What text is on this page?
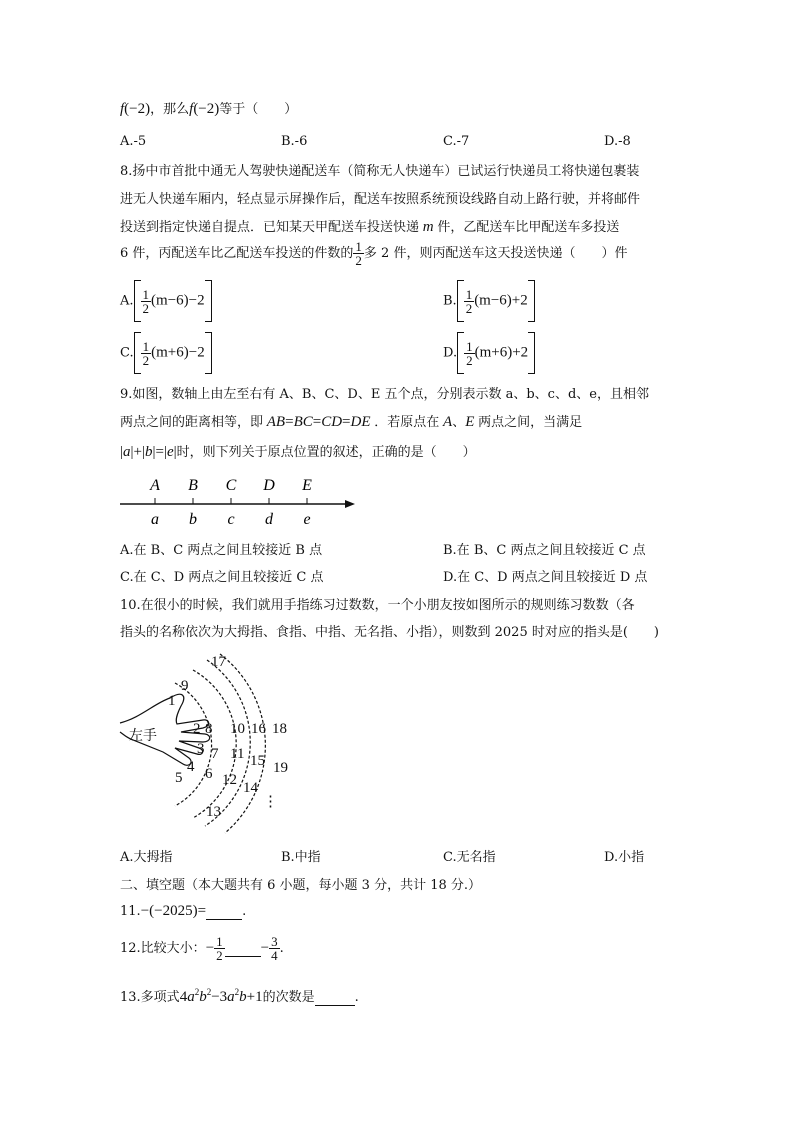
f(−2)，那么f(−2)等于（　　）
A.-5	B.-6	C.-7	D.-8
8.扬中市首批中通无人驾驶快递配送车（简称无人快递车）已试运行快递员工将快递包裹装
进无人快递车厢内，轻点显示屏操作后，配送车按照系统预设线路自动上路行驶，并将邮件
投送到指定快递自提点．已知某天甲配送车投送快递 m 件，乙配送车比甲配送车多投送
6 件，丙配送车比乙配送车投送的件数的 $\frac{1}{2}$ 多 2 件，则丙配送车这天投送快递（　　）件
A. $\frac{1}{2} (m-6)-2$	B. $\frac{1}{2} (m-6)+2$
C. $\frac{1}{2} (m+6)-2$	D. $\frac{1}{2} (m+6)+2$
9.如图，数轴上由左至右有 A、B、C、D、E 五个点，分别表示数 a、b、c、d、e，且相邻
两点之间的距离相等，即 AB=BC=CD=DE ．若原点在 A、E 两点之间，当满足
|a|+|b|=|e|时，则下列关于原点位置的叙述，正确的是（　　）
A B C D E
a b c d e
A.在 B、C 两点之间且较接近 B 点	B.在 B、C 两点之间且较接近 C 点
C.在 C、D 两点之间且较接近 C 点	D.在 C、D 两点之间且较接近 D 点
10.在很小的时候，我们就用手指练习过数数，一个小朋友按如图所示的规则练习数数（各
指头的名称依次为大拇指、食指、中指、无名指、小指），则数到 2025 时对应的指头是(　　)
左手
1
2
3
4
5 6
7
8
9
10
11
12
13
14
15
16
17
18
19
⋮
A.大拇指	B.中指	C.无名指	D.小指
二、填空题（本大题共有 6 小题，每小题 3 分，共计 18 分.）
11.−(−2025)=	.
12.比较大小：− $\frac{1}{2} - \frac{3}{4}$ .
13.多项式$4a^2b^2-3a^2b+1$的次数是	.
